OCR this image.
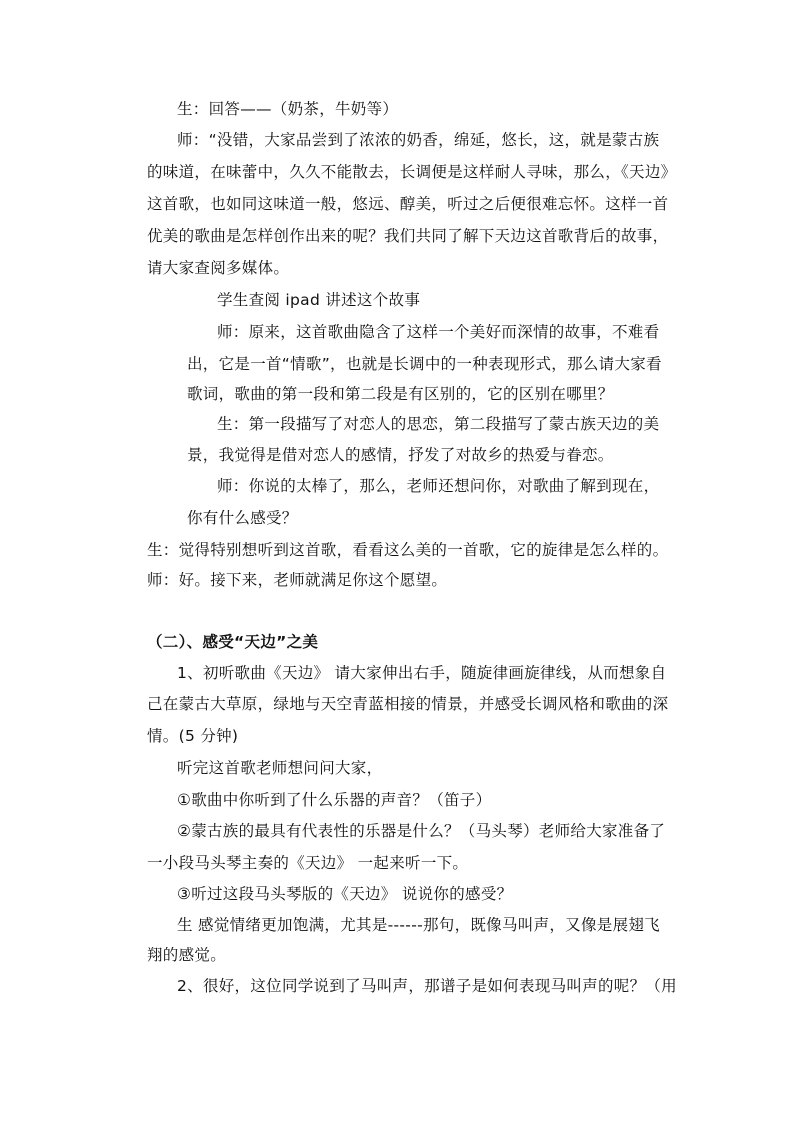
生：回答——（奶茶，牛奶等）
师：“没错，大家品尝到了浓浓的奶香，绵延，悠长，这，就是蒙古族
的味道，在味蕾中，久久不能散去，长调便是这样耐人寻味，那么，《天边》
这首歌，也如同这味道一般，悠远、醇美，听过之后便很难忘怀。这样一首
优美的歌曲是怎样创作出来的呢？我们共同了解下天边这首歌背后的故事，
请大家查阅多媒体。
学生查阅 ipad 讲述这个故事
师：原来，这首歌曲隐含了这样一个美好而深情的故事，不难看
出，它是一首“情歌”，也就是长调中的一种表现形式，那么请大家看
歌词，歌曲的第一段和第二段是有区别的，它的区别在哪里？
生：第一段描写了对恋人的思恋，第二段描写了蒙古族天边的美
景，我觉得是借对恋人的感情，抒发了对故乡的热爱与眷恋。
师：你说的太棒了，那么，老师还想问你，对歌曲了解到现在，
你有什么感受？
生：觉得特别想听到这首歌，看看这么美的一首歌，它的旋律是怎么样的。
师：好。接下来，老师就满足你这个愿望。
（二）、感受“天边”之美
1、初听歌曲《天边》 请大家伸出右手，随旋律画旋律线，从而想象自
己在蒙古大草原，绿地与天空青蓝相接的情景，并感受长调风格和歌曲的深
情。(5 分钟)
听完这首歌老师想问问大家，
①歌曲中你听到了什么乐器的声音？（笛子）
②蒙古族的最具有代表性的乐器是什么？（马头琴）老师给大家准备了
一小段马头琴主奏的《天边》 一起来听一下。
③听过这段马头琴版的《天边》 说说你的感受？
生 感觉情绪更加饱满，尤其是------那句，既像马叫声，又像是展翅飞
翔的感觉。
2、很好，这位同学说到了马叫声，那谱子是如何表现马叫声的呢？（用
